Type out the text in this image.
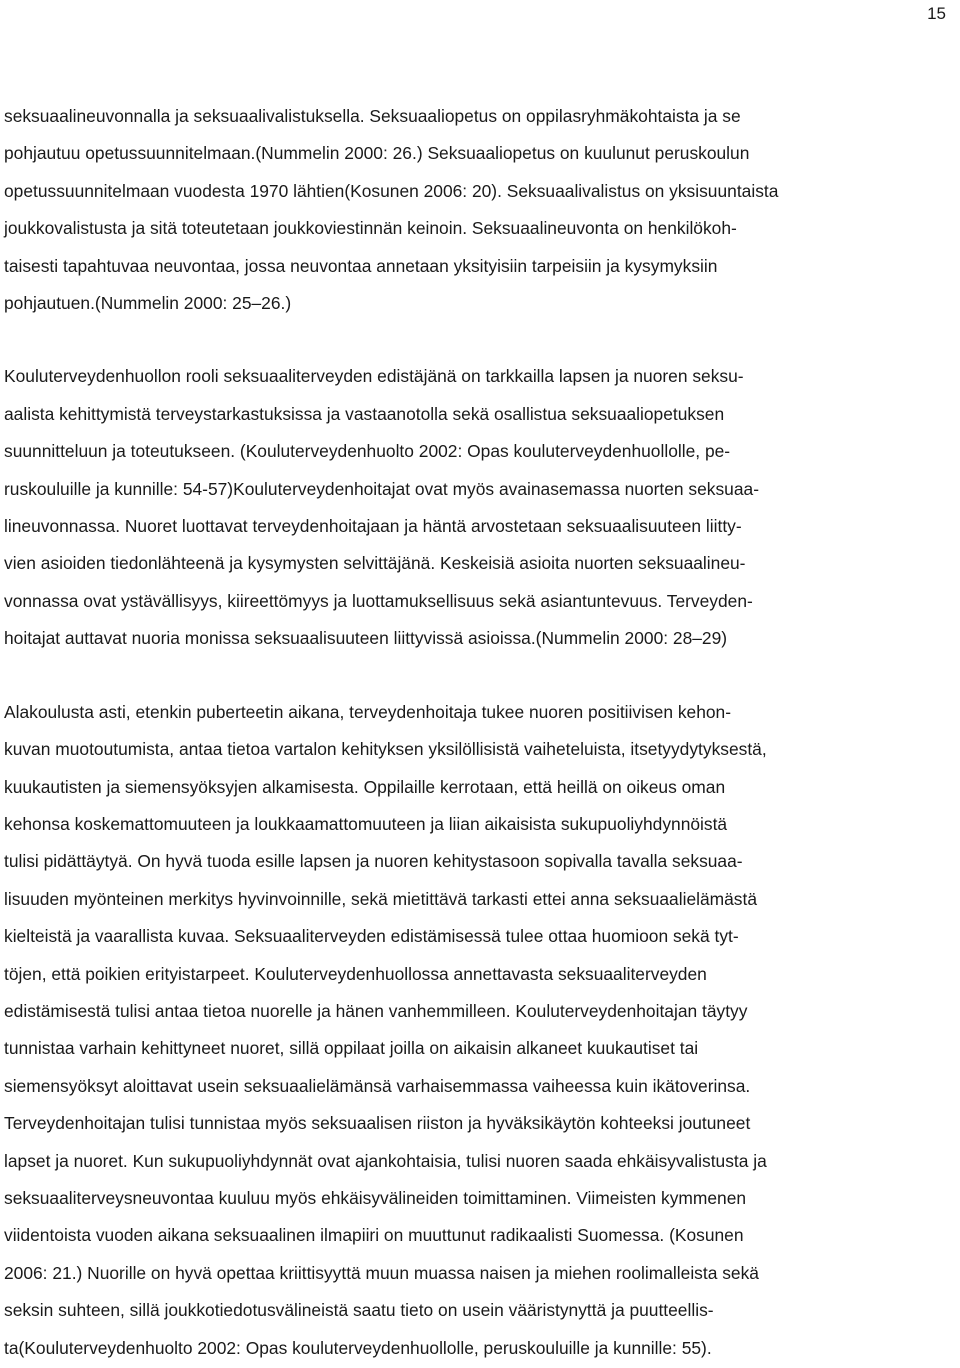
15

seksuaalineuvonnalla ja seksuaalivalistuksella. Seksuaaliopetus on oppilasryhmäkohtaista ja se
pohjautuu opetussuunnitelmaan.(Nummelin 2000: 26.) Seksuaaliopetus on kuulunut peruskoulun
opetussuunnitelmaan vuodesta 1970 lähtien(Kosunen 2006: 20). Seksuaalivalistus on yksisuuntaista
joukkovalistusta ja sitä toteutetaan joukkoviestinnän keinoin. Seksuaalineuvonta on henkilökoh-
taisesti tapahtuvaa neuvontaa, jossa neuvontaa annetaan yksityisiin tarpeisiin ja kysymyksiin
pohjautuen.(Nummelin 2000: 25–26.)

Kouluterveydenhuollon rooli seksuaaliterveyden edistäjänä on tarkkailla lapsen ja nuoren seksu-
aalista kehittymistä terveystarkastuksissa ja vastaanotolla sekä osallistua seksuaaliopetuksen
suunnitteluun ja toteutukseen. (Kouluterveydenhuolto 2002: Opas kouluterveydenhuollolle, pe-
ruskouluille ja kunnille: 54-57)Kouluterveydenhoitajat ovat myös avainasemassa nuorten seksuaa-
lineuvonnassa. Nuoret luottavat terveydenhoitajaan ja häntä arvostetaan seksuaalisuuteen liitty-
vien asioiden tiedonlähteenä ja kysymysten selvittäjänä. Keskeisiä asioita nuorten seksuaalineu-
vonnassa ovat ystävällisyys, kiireettömyys ja luottamuksellisuus sekä asiantuntevuus. Terveyden-
hoitajat auttavat nuoria monissa seksuaalisuuteen liittyvissä asioissa.(Nummelin 2000: 28–29)

Alakoulusta asti, etenkin puberteetin aikana, terveydenhoitaja tukee nuoren positiivisen kehon-
kuvan muotoutumista, antaa tietoa vartalon kehityksen yksilöllisistä vaiheteluista, itsetyydytyksestä,
kuukautisten ja siemensyöksyjen alkamisesta. Oppilaille kerrotaan, että heillä on oikeus oman
kehonsa koskemattomuuteen ja loukkaamattomuuteen ja liian aikaisista sukupuoliyhdynnöistä
tulisi pidättäytyä. On hyvä tuoda esille lapsen ja nuoren kehitystasoon sopivalla tavalla seksuaa-
lisuuden myönteinen merkitys hyvinvoinnille, sekä mietittävä tarkasti ettei anna seksuaalielämästä
kielteistä ja vaarallista kuvaa. Seksuaaliterveyden edistämisessä tulee ottaa huomioon sekä tyt-
töjen, että poikien erityistarpeet. Kouluterveydenhuollossa annettavasta seksuaaliterveyden
edistämisestä tulisi antaa tietoa nuorelle ja hänen vanhemmilleen. Kouluterveydenhoitajan täytyy
tunnistaa varhain kehittyneet nuoret, sillä oppilaat joilla on aikaisin alkaneet kuukautiset tai
siemensyöksyt aloittavat usein seksuaalielämänsä varhaisemmassa vaiheessa kuin ikätoverinsa.
Terveydenhoitajan tulisi tunnistaa myös seksuaalisen riiston ja hyväksikäytön kohteeksi joutuneet
lapset ja nuoret. Kun sukupuoliyhdynnät ovat ajankohtaisia, tulisi nuoren saada ehkäisyvalistusta ja
seksuaaliterveysneuvontaa kuuluu myös ehkäisyvälineiden toimittaminen. Viimeisten kymmenen
viidentoista vuoden aikana seksuaalinen ilmapiiri on muuttunut radikaalisti Suomessa. (Kosunen
2006: 21.) Nuorille on hyvä opettaa kriittisyyttä muun muassa naisen ja miehen roolimalleista sekä
seksin suhteen, sillä joukkotiedotusvälineistä saatu tieto on usein vääristynyttä ja puutteellis-
ta(Kouluterveydenhuolto 2002: Opas kouluterveydenhuollolle, peruskouluille ja kunnille: 55).
